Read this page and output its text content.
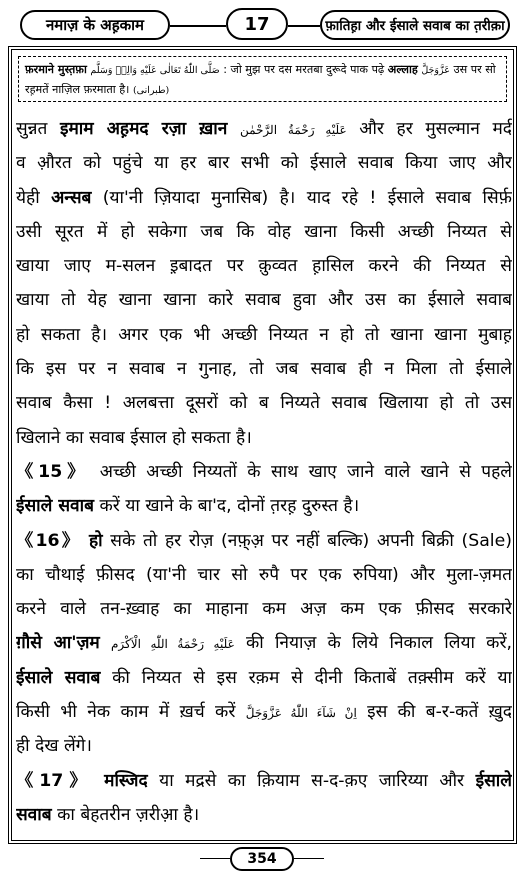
नमाज़ के अह़काम	17	फ़ातिह़ा और ईसाले सवाब का त़रीक़ा
फ़रमाने मुस्त़फ़ा صَلَّى اللّٰهُ تَعَالٰى عَلَيْهِ وَالِهٖ وَسَلَّم : जो मुझ पर दस मरतबा दुरूदे पाक पढ़े अल्लाह عَزَّوَجَلَّ उस पर सो
रह़मतें नाज़िल फ़रमाता है। (طبرانی)
सुन्नत इमाम अह़मद रज़ा ख़ान عَلَيْهِ رَحْمَةُ الرَّحْمٰن और हर मुसल्मान मर्द
व औ़रत को पहुंचे या हर बार सभी को ईसाले सवाब किया जाए और
येही अन्सब (या'नी ज़ियादा मुनासिब) है। याद रहे ! ईसाले सवाब सिर्फ़
उसी सूरत में हो सकेगा जब कि वोह खाना किसी अच्छी निय्यत से
खाया जाए म-सलन इ़बादत पर क़ुव्वत ह़ासिल करने की निय्यत से
खाया तो येह खाना खाना कारे सवाब हुवा और उस का ईसाले सवाब
हो सकता है। अगर एक भी अच्छी निय्यत न हो तो खाना खाना मुबाह़
कि इस पर न सवाब न गुनाह, तो जब सवाब ही न मिला तो ईसाले
सवाब कैसा ! अलबत्ता दूसरों को ब निय्यते सवाब खिलाया हो तो उस
खिलाने का सवाब ईसाल हो सकता है।
《15》 अच्छी अच्छी निय्यतों के साथ खाए जाने वाले खाने से पहले
ईसाले सवाब करें या खाने के बा'द, दोनों त़रह़ दुरुस्त है।
《16》 हो सके तो हर रोज़ (नफ़्अ़ पर नहीं बल्कि) अपनी बिक्री (Sale)
का चौथाई फ़ीसद (या'नी चार सो रुपै पर एक रुपिया) और मुला-ज़मत
करने वाले तन-ख़्वाह का माहाना कम अज़ कम एक फ़ीसद सरकारे
ग़ौसे आ'ज़म عَلَيْهِ رَحْمَةُ اللّٰهِ الْاَكْرَم की नियाज़ के लिये निकाल लिया करें,
ईसाले सवाब की निय्यत से इस रक़म से दीनी किताबें तक़्सीम करें या
किसी भी नेक काम में ख़र्च करें اِنْ شَآءَ اللّٰهُ عَزَّوَجَلَّ इस की ब-र-कतें ख़ुद
ही देख लेंगे।
《17》 मस्जिद या मद्रसे का क़ियाम स-द-क़ए जारिय्या और ईसाले
सवाब का बेहतरीन ज़रीआ़ है।
354
